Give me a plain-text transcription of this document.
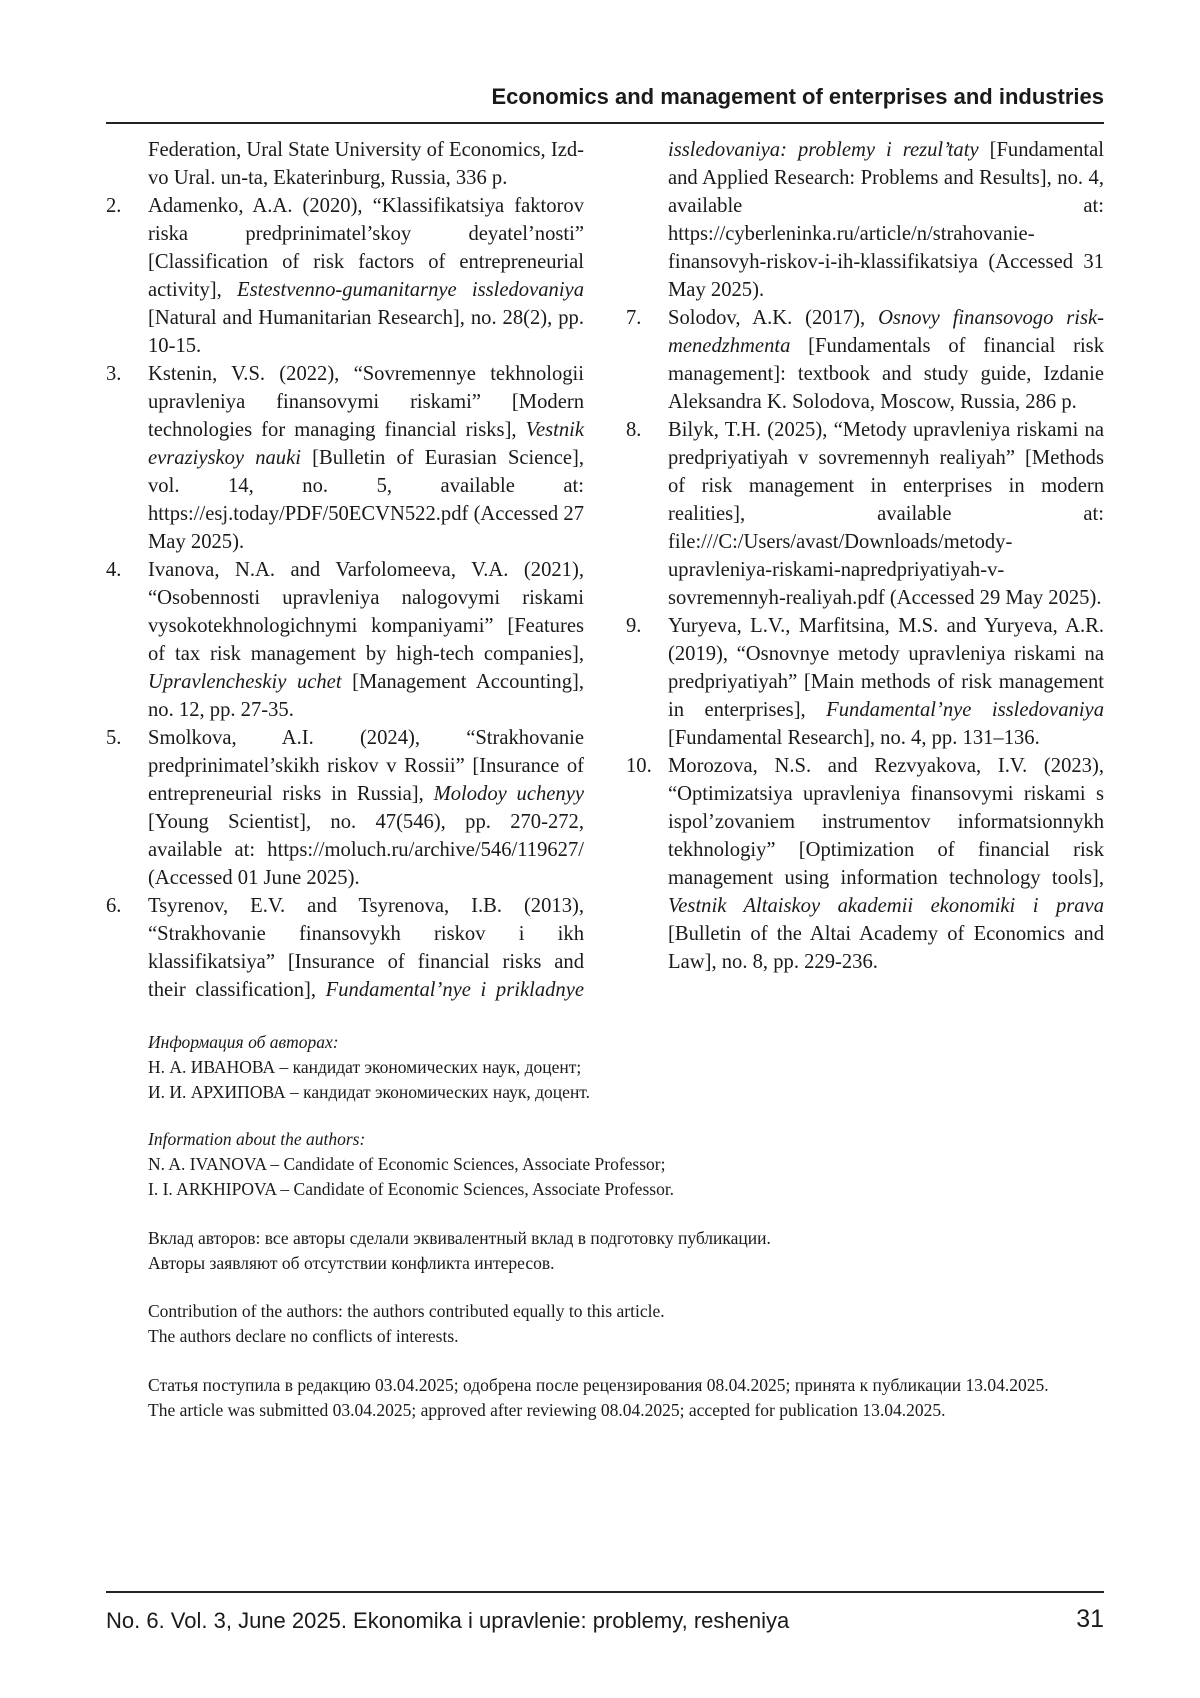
Economics and management of enterprises and industries
Federation, Ural State University of Economics, Izd-vo Ural. un-ta, Ekaterinburg, Russia, 336 p.
2. Adamenko, A.A. (2020), “Klassifikatsiya faktorov riska predprinimatel’skoy deyatel’nosti” [Classification of risk factors of entrepreneurial activity], Estestvenno-gumanitarnye issledovaniya [Natural and Humanitarian Research], no. 28(2), pp. 10-15.
3. Kstenin, V.S. (2022), “Sovremennye tekhnologii upravleniya finansovymi riskami” [Modern technologies for managing financial risks], Vestnik evraziyskoy nauki [Bulletin of Eurasian Science], vol. 14, no. 5, available at: https://esj.today/PDF/50ECVN522.pdf (Accessed 27 May 2025).
4. Ivanova, N.A. and Varfolomeeva, V.A. (2021), “Osobennosti upravleniya nalogovymi riskami vysokotekhnologichnymi kompaniyami” [Features of tax risk management by high-tech companies], Upravlencheskiy uchet [Management Accounting], no. 12, pp. 27-35.
5. Smolkova, A.I. (2024), “Strakhovanie predprinimatel’skikh riskov v Rossii” [Insurance of entrepreneurial risks in Russia], Molodoy uchenyy [Young Scientist], no. 47(546), pp. 270-272, available at: https://moluch.ru/archive/546/119627/ (Accessed 01 June 2025).
6. Tsyrenov, E.V. and Tsyrenova, I.B. (2013), “Strakhovanie finansovykh riskov i ikh klassifikatsiya” [Insurance of financial risks and their classification], Fundamental’nye i prikladnye issledovaniya: problemy i rezul’taty [Fundamental and Applied Research: Problems and Results], no. 4, available at: https://cyberleninka.ru/article/n/strahovanie-finansovyh-riskov-i-ih-klassifikatsiya (Accessed 31 May 2025).
7. Solodov, A.K. (2017), Osnovy finansovogo risk-menedzhmenta [Fundamentals of financial risk management]: textbook and study guide, Izdanie Aleksandra K. Solodova, Moscow, Russia, 286 p.
8. Bilyk, T.H. (2025), “Metody upravleniya riskami na predpriyatiyah v sovremennyh realiyah” [Methods of risk management in enterprises in modern realities], available at: file:///C:/Users/avast/Downloads/metody-upravleniya-riskami-napredpriyatiyah-v-sovremennyh-realiyah.pdf (Accessed 29 May 2025).
9. Yuryeva, L.V., Marfitsina, M.S. and Yuryeva, A.R. (2019), “Osnovnye metody upravleniya riskami na predpriyatiyah” [Main methods of risk management in enterprises], Fundamental’nye issledovaniya [Fundamental Research], no. 4, pp. 131–136.
10. Morozova, N.S. and Rezvyakova, I.V. (2023), “Optimizatsiya upravleniya finansovymi riskami s ispol’zovaniem instrumentov informatsionnykh tekhnologiy” [Optimization of financial risk management using information technology tools], Vestnik Altaiskoy akademii ekonomiki i prava [Bulletin of the Altai Academy of Economics and Law], no. 8, pp. 229-236.
Информация об авторах:
Н. А. ИВАНОВА – кандидат экономических наук, доцент;
И. И. АРХИПОВА – кандидат экономических наук, доцент.
Information about the authors:
N. A. IVANOVA – Candidate of Economic Sciences, Associate Professor;
I. I. ARKHIPOVA – Candidate of Economic Sciences, Associate Professor.
Вклад авторов: все авторы сделали эквивалентный вклад в подготовку публикации.
Авторы заявляют об отсутствии конфликта интересов.
Contribution of the authors: the authors contributed equally to this article.
The authors declare no conflicts of interests.
Статья поступила в редакцию 03.04.2025; одобрена после рецензирования 08.04.2025; принята к публикации 13.04.2025.
The article was submitted 03.04.2025; approved after reviewing 08.04.2025; accepted for publication 13.04.2025.
No. 6. Vol. 3, June 2025. Ekonomika i upravlenie: problemy, resheniya	31
